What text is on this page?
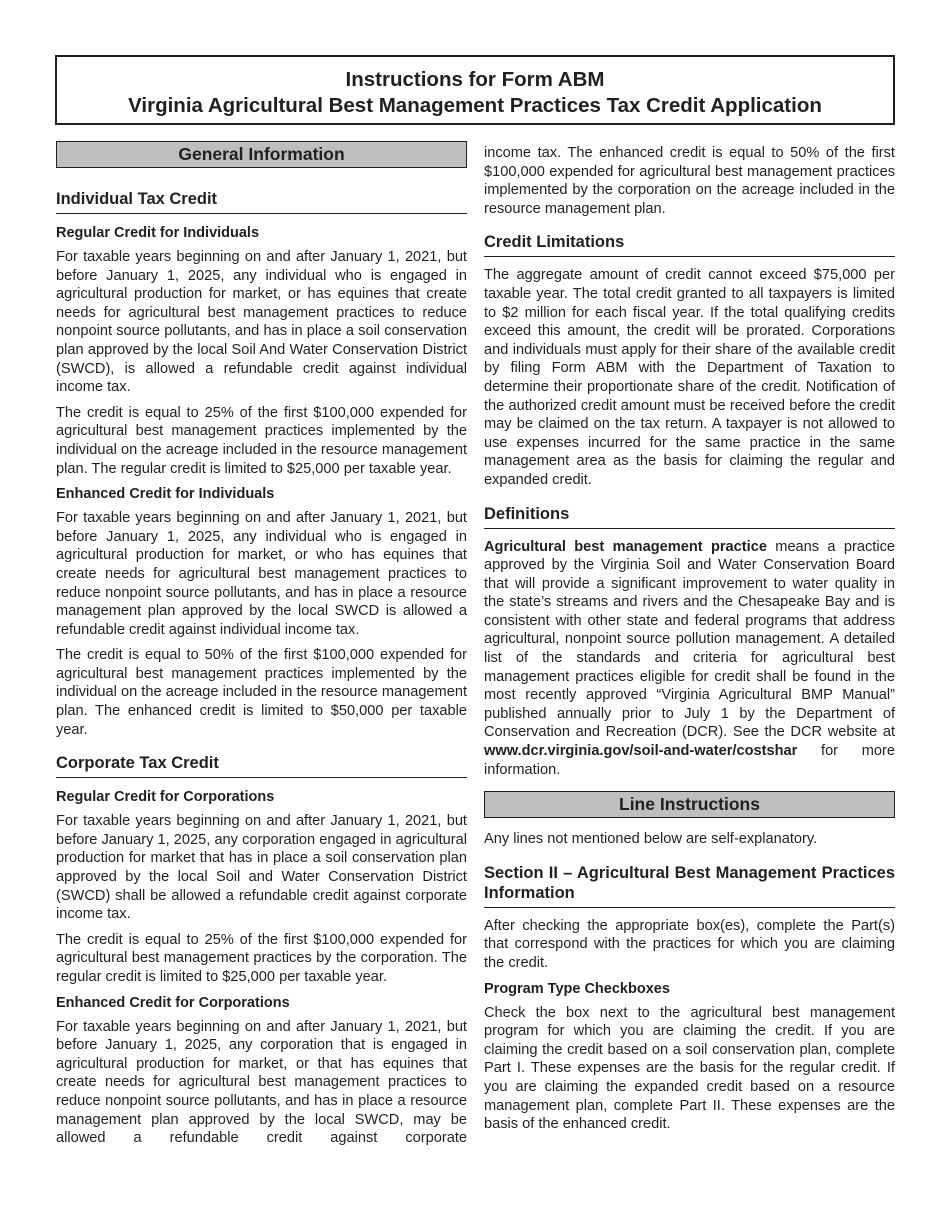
Instructions for Form ABM
Virginia Agricultural Best Management Practices Tax Credit Application
General Information
Individual Tax Credit
Regular Credit for Individuals

For taxable years beginning on and after January 1, 2021, but before January 1, 2025, any individual who is engaged in agricultural production for market, or has equines that create needs for agricultural best management practices to reduce nonpoint source pollutants, and has in place a soil conservation plan approved by the local Soil And Water Conservation District (SWCD), is allowed a refundable credit against individual income tax.

The credit is equal to 25% of the first $100,000 expended for agricultural best management practices implemented by the individual on the acreage included in the resource management plan. The regular credit is limited to $25,000 per taxable year.

Enhanced Credit for Individuals

For taxable years beginning on and after January 1, 2021, but before January 1, 2025, any individual who is engaged in agricultural production for market, or who has equines that create needs for agricultural best management practices to reduce nonpoint source pollutants, and has in place a resource management plan approved by the local SWCD is allowed a refundable credit against individual income tax.

The credit is equal to 50% of the first $100,000 expended for agricultural best management practices implemented by the individual on the acreage included in the resource management plan. The enhanced credit is limited to $50,000 per taxable year.

Corporate Tax Credit
Regular Credit for Corporations

For taxable years beginning on and after January 1, 2021, but before January 1, 2025, any corporation engaged in agricultural production for market that has in place a soil conservation plan approved by the local Soil and Water Conservation District (SWCD) shall be allowed a refundable credit against corporate income tax.

The credit is equal to 25% of the first $100,000 expended for agricultural best management practices by the corporation. The regular credit is limited to $25,000 per taxable year.

Enhanced Credit for Corporations

For taxable years beginning on and after January 1, 2021, but before January 1, 2025, any corporation that is engaged in agricultural production for market, or that has equines that create needs for agricultural best management practices to reduce nonpoint source pollutants, and has in place a resource management plan approved by the local SWCD, may be allowed a refundable credit against corporate

income tax. The enhanced credit is equal to 50% of the first $100,000 expended for agricultural best management practices implemented by the corporation on the acreage included in the resource management plan.

Credit Limitations

The aggregate amount of credit cannot exceed $75,000 per taxable year. The total credit granted to all taxpayers is limited to $2 million for each fiscal year. If the total qualifying credits exceed this amount, the credit will be prorated. Corporations and individuals must apply for their share of the available credit by filing Form ABM with the Department of Taxation to determine their proportionate share of the credit. Notification of the authorized credit amount must be received before the credit may be claimed on the tax return. A taxpayer is not allowed to use expenses incurred for the same practice in the same management area as the basis for claiming the regular and expanded credit.

Definitions

Agricultural best management practice means a practice approved by the Virginia Soil and Water Conservation Board that will provide a significant improvement to water quality in the state’s streams and rivers and the Chesapeake Bay and is consistent with other state and federal programs that address agricultural, nonpoint source pollution management. A detailed list of the standards and criteria for agricultural best management practices eligible for credit shall be found in the most recently approved “Virginia Agricultural BMP Manual” published annually prior to July 1 by the Department of Conservation and Recreation (DCR). See the DCR website at www.dcr.virginia.gov/soil-and-water/costshar for more information.

Line Instructions

Any lines not mentioned below are self-explanatory.

Section II – Agricultural Best Management Practices Information

After checking the appropriate box(es), complete the Part(s) that correspond with the practices for which you are claiming the credit.

Program Type Checkboxes

Check the box next to the agricultural best management program for which you are claiming the credit. If you are claiming the credit based on a soil conservation plan, complete Part I. These expenses are the basis for the regular credit. If you are claiming the expanded credit based on a resource management plan, complete Part II. These expenses are the basis of the enhanced credit.
